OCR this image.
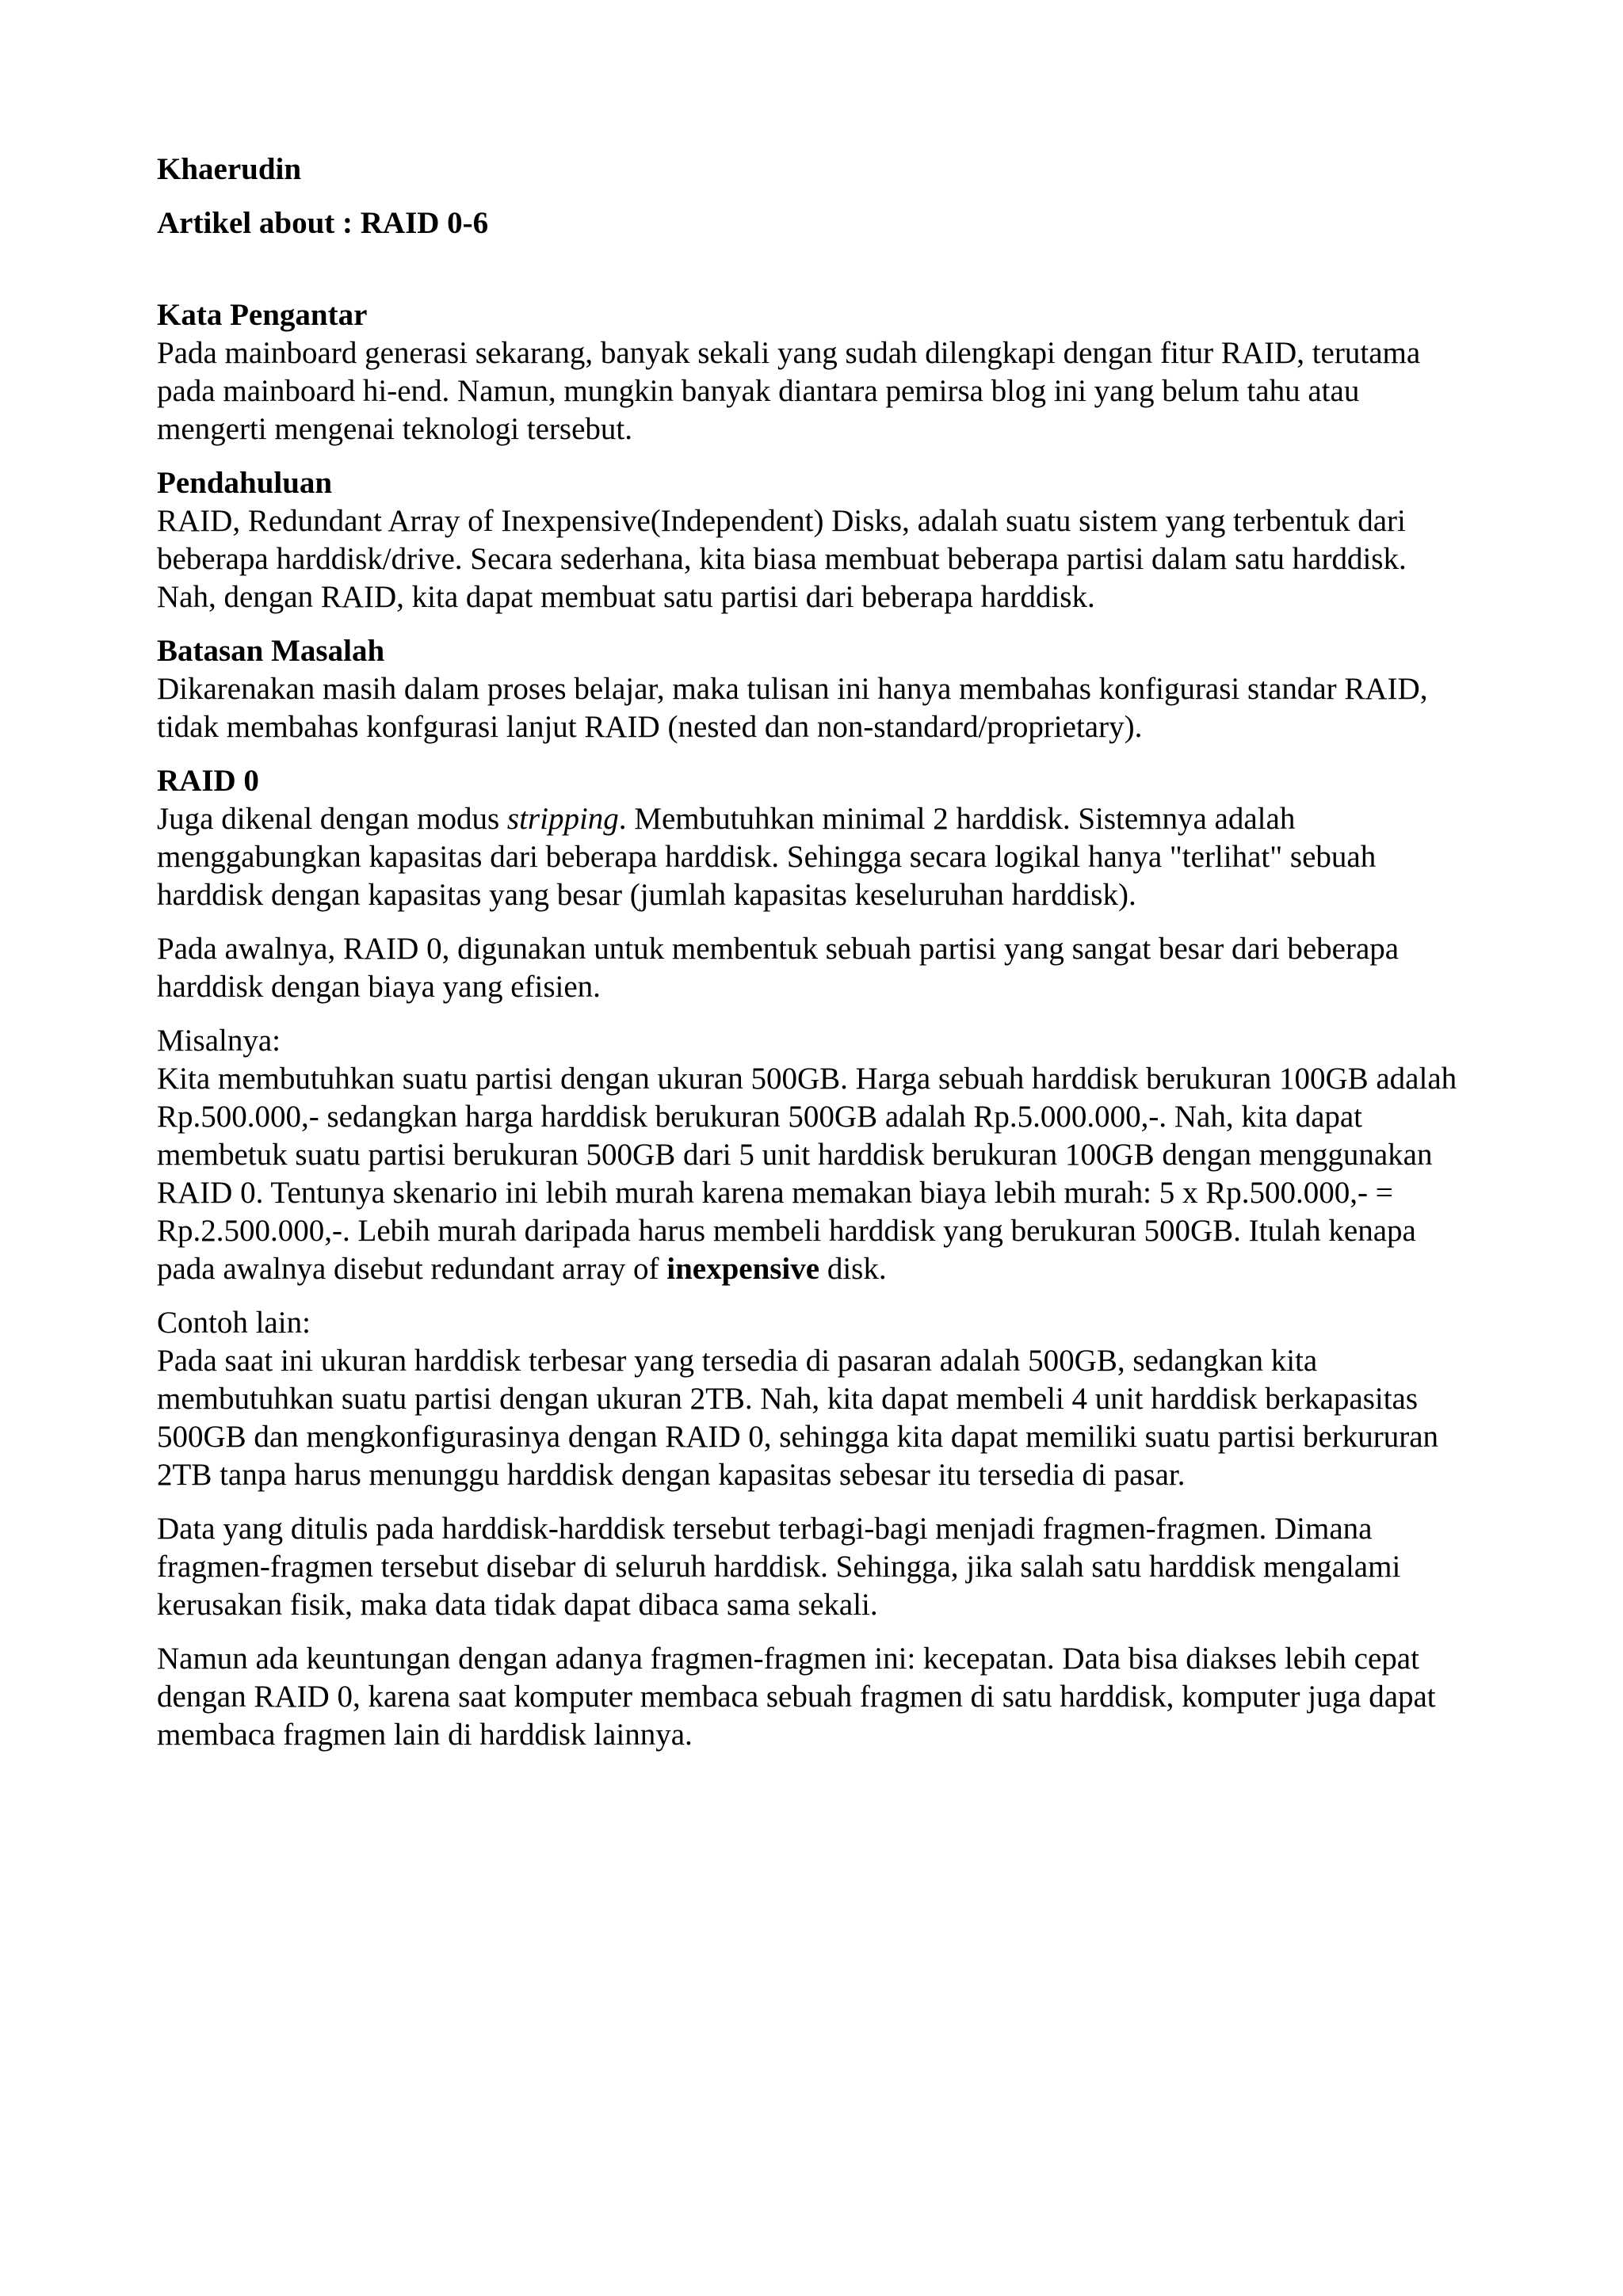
Khaerudin
Artikel about : RAID 0-6
Kata Pengantar
Pada mainboard generasi sekarang, banyak sekali yang sudah dilengkapi dengan fitur RAID, terutama pada mainboard hi-end. Namun, mungkin banyak diantara pemirsa blog ini yang belum tahu atau mengerti mengenai teknologi tersebut.
Pendahuluan
RAID, Redundant Array of Inexpensive(Independent) Disks, adalah suatu sistem yang terbentuk dari beberapa harddisk/drive. Secara sederhana, kita biasa membuat beberapa partisi dalam satu harddisk. Nah, dengan RAID, kita dapat membuat satu partisi dari beberapa harddisk.
Batasan Masalah
Dikarenakan masih dalam proses belajar, maka tulisan ini hanya membahas konfigurasi standar RAID, tidak membahas konfgurasi lanjut RAID (nested dan non-standard/proprietary).
RAID 0

Juga dikenal dengan modus stripping. Membutuhkan minimal 2 harddisk. Sistemnya adalah menggabungkan kapasitas dari beberapa harddisk. Sehingga secara logikal hanya "terlihat" sebuah harddisk dengan kapasitas yang besar (jumlah kapasitas keseluruhan harddisk).

Pada awalnya, RAID 0, digunakan untuk membentuk sebuah partisi yang sangat besar dari beberapa harddisk dengan biaya yang efisien.

Misalnya:
Kita membutuhkan suatu partisi dengan ukuran 500GB. Harga sebuah harddisk berukuran 100GB adalah Rp.500.000,- sedangkan harga harddisk berukuran 500GB adalah Rp.5.000.000,-. Nah, kita dapat membetuk suatu partisi berukuran 500GB dari 5 unit harddisk berukuran 100GB dengan menggunakan RAID 0. Tentunya skenario ini lebih murah karena memakan biaya lebih murah: 5 x Rp.500.000,- = Rp.2.500.000,-. Lebih murah daripada harus membeli harddisk yang berukuran 500GB. Itulah kenapa pada awalnya disebut redundant array of inexpensive disk.

Contoh lain:
Pada saat ini ukuran harddisk terbesar yang tersedia di pasaran adalah 500GB, sedangkan kita membutuhkan suatu partisi dengan ukuran 2TB. Nah, kita dapat membeli 4 unit harddisk berkapasitas 500GB dan mengkonfigurasinya dengan RAID 0, sehingga kita dapat memiliki suatu partisi berkururan 2TB tanpa harus menunggu harddisk dengan kapasitas sebesar itu tersedia di pasar.

Data yang ditulis pada harddisk-harddisk tersebut terbagi-bagi menjadi fragmen-fragmen. Dimana fragmen-fragmen tersebut disebar di seluruh harddisk. Sehingga, jika salah satu harddisk mengalami kerusakan fisik, maka data tidak dapat dibaca sama sekali.

Namun ada keuntungan dengan adanya fragmen-fragmen ini: kecepatan. Data bisa diakses lebih cepat dengan RAID 0, karena saat komputer membaca sebuah fragmen di satu harddisk, komputer juga dapat membaca fragmen lain di harddisk lainnya.
